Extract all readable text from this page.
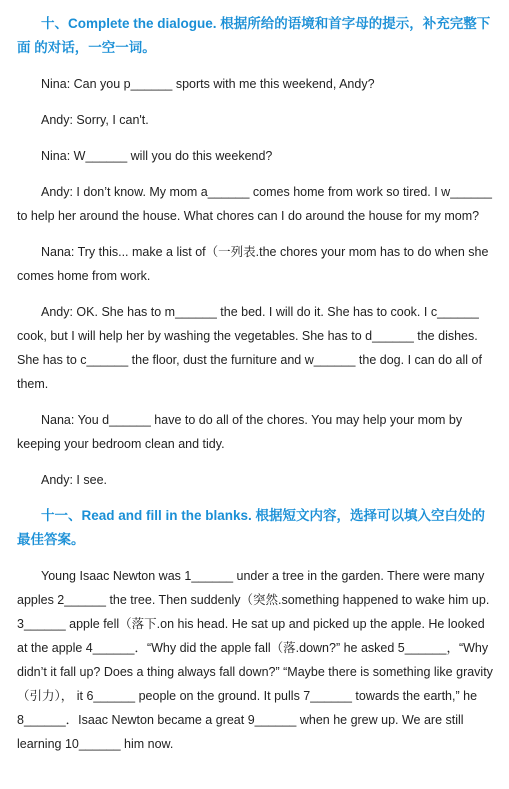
十、Complete the dialogue. 根据所给的语境和首字母的提示，补充完整下面 的对话，一空一词。

Nina: Can you p______ sports with me this weekend, Andy?

Andy: Sorry, I can't.

Nina: W______ will you do this weekend?

Andy: I don’t know. My mom a______ comes home from work so tired. I w______ to help her around the house. What chores can I do around the house for my mom?

Nana: Try this... make a list of（一列表.the chores your mom has to do when she comes home from work.

Andy: OK. She has to m______ the bed. I will do it. She has to cook. I c______ cook, but I will help her by washing the vegetables. She has to d______ the dishes. She has to c______ the floor, dust the furniture and w______ the dog. I can do all of them.

Nana: You d______ have to do all of the chores. You may help your mom by keeping your bedroom clean and tidy.

Andy: I see.

十一、Read and fill in the blanks. 根据短文内容，选择可以填入空白处的最佳答案。

Young Isaac Newton was 1______ under a tree in the garden. There were many apples 2______ the tree. Then suddenly（突然.something happened to wake him up. 3______ apple fell（落下.on his head. He sat up and picked up the apple. He looked at the apple 4______．“Why did the apple fall（落.down?” he asked 5______，“Why didn’t it fall up? Does a thing always fall down?” “Maybe there is something like gravity（引力）， it 6______ people on the ground. It pulls 7______ towards the earth,” he 8______．Isaac Newton became a great 9______ when he grew up. We are still learning 10______ him now.
